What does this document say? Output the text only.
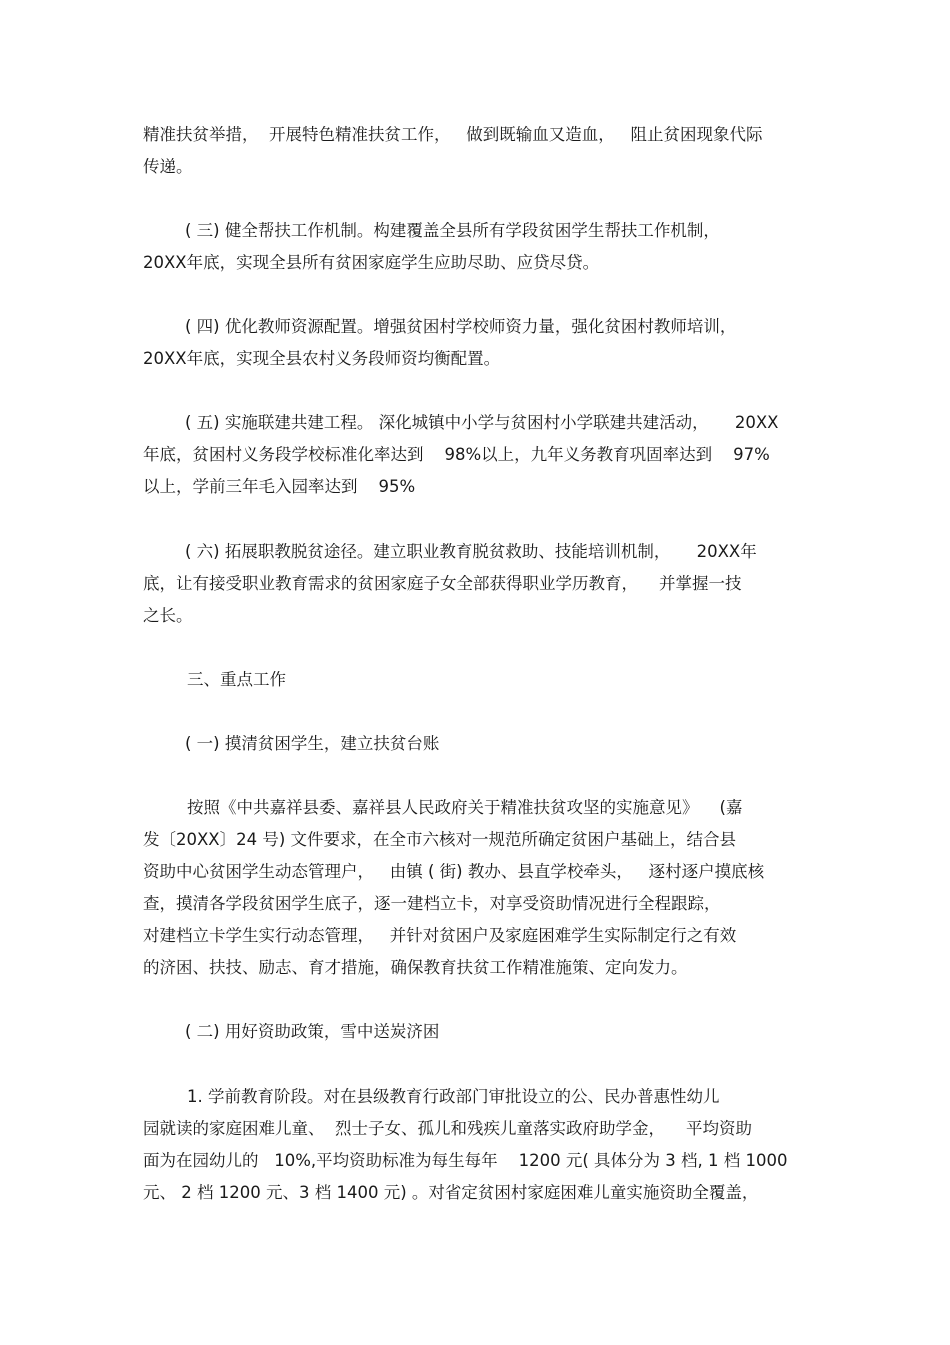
精准扶贫举措，  开展特色精准扶贫工作，   做到既输血又造血，   阻止贫困现象代际
传递。
( 三) 健全帮扶工作机制。构建覆盖全县所有学段贫困学生帮扶工作机制，
20XX年底，实现全县所有贫困家庭学生应助尽助、应贷尽贷。
( 四) 优化教师资源配置。增强贫困村学校师资力量，强化贫困村教师培训，
20XX年底，实现全县农村义务段师资均衡配置。
( 五) 实施联建共建工程。 深化城镇中小学与贫困村小学联建共建活动，     20XX
年底，贫困村义务段学校标准化率达到    98%以上，九年义务教育巩固率达到    97%
以上，学前三年毛入园率达到    95%
( 六) 拓展职教脱贫途径。建立职业教育脱贫救助、技能培训机制，     20XX年
底，让有接受职业教育需求的贫困家庭子女全部获得职业学历教育，    并掌握一技
之长。
三、重点工作
( 一) 摸清贫困学生，建立扶贫台账
按照《中共嘉祥县委、嘉祥县人民政府关于精准扶贫攻坚的实施意见》    (嘉
发〔20XX〕24 号) 文件要求，在全市六核对一规范所确定贫困户基础上，结合县
资助中心贫困学生动态管理户，   由镇 ( 街) 教办、县直学校牵头，   逐村逐户摸底核
查，摸清各学段贫困学生底子，逐一建档立卡，对享受资助情况进行全程跟踪，
对建档立卡学生实行动态管理，   并针对贫困户及家庭困难学生实际制定行之有效
的济困、扶技、励志、育才措施，确保教育扶贫工作精准施策、定向发力。
( 二) 用好资助政策，雪中送炭济困
1. 学前教育阶段。对在县级教育行政部门审批设立的公、民办普惠性幼儿
园就读的家庭困难儿童、  烈士子女、孤儿和残疾儿童落实政府助学金，    平均资助
面为在园幼儿的   10%,平均资助标准为每生每年    1200 元( 具体分为 3 档, 1 档 1000
元、 2 档 1200 元、3 档 1400 元) 。对省定贫困村家庭困难儿童实施资助全覆盖，
